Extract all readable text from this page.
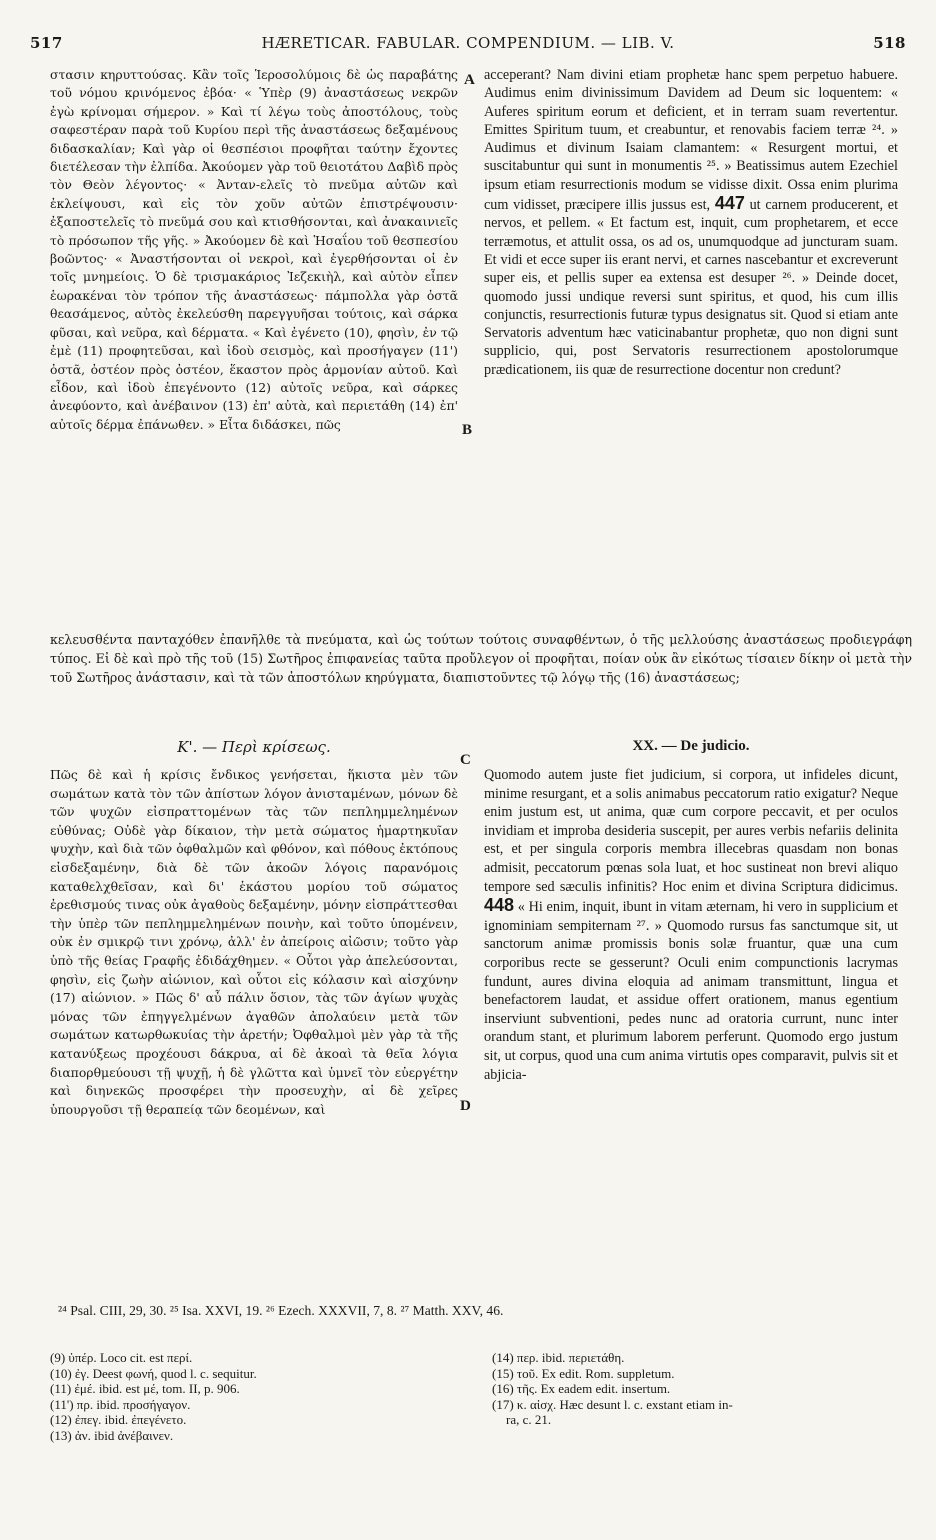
517	HÆRETICAR. FABULAR. COMPENDIUM. — LIB. V.	518

στασιν κηρυττούσας. Κἂν τοῖς Ἱεροσολύμοις δὲ ὡς παραβάτης τοῦ νόμου κρινόμενος ἐβόα· « Ὑπὲρ (9) ἀναστάσεως νεκρῶν ἐγὼ κρίνομαι σήμερον. » Καὶ τί λέγω τοὺς ἀποστόλους, τοὺς σαφεστέραν παρὰ τοῦ Κυρίου περὶ τῆς ἀναστάσεως δεξαμένους διδασκαλίαν; Καὶ γὰρ οἱ θεσπέσιοι προφῆται ταύτην ἔχοντες διετέλεσαν τὴν ἐλπίδα. Ἀκούομεν γὰρ τοῦ θειοτάτου Δαβὶδ πρὸς τὸν Θεὸν λέγοντος· « Ἀνταν-ελεῖς τὸ πνεῦμα αὐτῶν καὶ ἐκλείψουσι, καὶ εἰς τὸν χοῦν αὐτῶν ἐπιστρέψουσιν· ἐξαποστελεῖς τὸ πνεῦμά σου καὶ κτισθήσονται, καὶ ἀνακαινιεῖς τὸ πρόσωπον τῆς γῆς. » Ἀκούομεν δὲ καὶ Ἡσαΐου τοῦ θεσπεσίου βοῶντος· « Ἀναστήσονται οἱ νεκροὶ, καὶ ἐγερθήσονται οἱ ἐν τοῖς μνημείοις. Ὁ δὲ τρισμακάριος Ἰεζεκιὴλ, καὶ αὐτὸν εἶπεν ἑωρακέναι τὸν τρόπον τῆς ἀναστάσεως· πάμπολλα γὰρ ὀστᾶ θεασάμενος, αὐτὸς ἐκελεύσθη παρεγγυῆσαι τούτοις, καὶ σάρκα φῦσαι, καὶ νεῦρα, καὶ δέρματα. « Καὶ ἐγένετο (10), φησὶν, ἐν τῷ ἐμὲ (11) προφητεῦσαι, καὶ ἰδοὺ σεισμὸς, καὶ προσήγαγεν (11') ὀστᾶ, ὀστέον πρὸς ὀστέον, ἕκαστον πρὸς ἁρμονίαν αὐτοῦ. Καὶ εἶδον, καὶ ἰδοὺ ἐπεγένοντο (12) αὐτοῖς νεῦρα, καὶ σάρκες ἀνεφύοντο, καὶ ἀνέβαινον (13) ἐπ' αὐτὰ, καὶ περιετάθη (14) ἐπ' αὐτοῖς δέρμα ἐπάνωθεν. » Εἶτα διδάσκει, πῶς

acceperant? Nam divini etiam prophetæ hanc spem perpetuo habuere. Audimus enim divinissimum Davidem ad Deum sic loquentem: « Auferes spiritum eorum et deficient, et in terram suam revertentur. Emittes Spiritum tuum, et creabuntur, et renovabis faciem terræ ²⁴. » Audimus et divinum Isaiam clamantem: « Resurgent mortui, et suscitabuntur qui sunt in monumentis ²⁵. » Beatissimus autem Ezechiel ipsum etiam resurrectionis modum se vidisse dixit. Ossa enim plurima cum vidisset, præcipere illis jussus est, 447 ut carnem producerent, et nervos, et pellem. « Et factum est, inquit, cum prophetarem, et ecce terræmotus, et attulit ossa, os ad os, unumquodque ad juncturam suam. Et vidi et ecce super iis erant nervi, et carnes nascebantur et excreverunt super eis, et pellis super ea extensa est desuper ²⁶. » Deinde docet, quomodo jussi undique reversi sunt spiritus, et quod, his cum illis conjunctis, resurrectionis futuræ typus designatus sit. Quod si etiam ante Servatoris adventum hæc vaticinabantur prophetæ, quo non digni sunt supplicio, qui, post Servatoris resurrectionem apostolorumque prædicationem, iis quæ de resurrectione docentur non credunt?

A
B
C
D
κελευσθέντα πανταχόθεν ἐπανῆλθε τὰ πνεύματα, καὶ ὡς τούτων τούτοις συναφθέντων, ὁ τῆς μελλούσης ἀναστάσεως προδιεγράφη τύπος. Εἰ δὲ καὶ πρὸ τῆς τοῦ (15) Σωτῆρος ἐπιφανείας ταῦτα προὔλεγον οἱ προφῆται, ποίαν οὐκ ἂν εἰκότως τίσαιεν δίκην οἱ μετὰ τὴν τοῦ Σωτῆρος ἀνάστασιν, καὶ τὰ τῶν ἀποστόλων κηρύγματα, διαπιστοῦντες τῷ λόγῳ τῆς (16) ἀναστάσεως;
Κ'. — Περὶ κρίσεως.	XX. — De judicio.

Πῶς δὲ καὶ ἡ κρίσις ἔνδικος γενήσεται, ἥκιστα μὲν τῶν σωμάτων κατὰ τὸν τῶν ἀπίστων λόγον ἀνισταμένων, μόνων δὲ τῶν ψυχῶν εἰσπραττομένων τὰς τῶν πεπλημμελημένων εὐθύνας; Οὐδὲ γὰρ δίκαιον, τὴν μετὰ σώματος ἡμαρτηκυῖαν ψυχὴν, καὶ διὰ τῶν ὀφθαλμῶν καὶ φθόνον, καὶ πόθους ἐκτόπους εἰσδεξαμένην, διὰ δὲ τῶν ἀκοῶν λόγοις παρανόμοις καταθελχθεῖσαν, καὶ δι' ἑκάστου μορίου τοῦ σώματος ἐρεθισμούς τινας οὐκ ἀγαθοὺς δεξαμένην, μόνην εἰσπράττεσθαι τὴν ὑπὲρ τῶν πεπλημμελημένων ποινὴν, καὶ τοῦτο ὑπομένειν, οὐκ ἐν σμικρῷ τινι χρόνῳ, ἀλλ' ἐν ἀπείροις αἰῶσιν; τοῦτο γὰρ ὑπὸ τῆς θείας Γραφῆς ἐδιδάχθημεν. « Οὗτοι γὰρ ἀπελεύσονται, φησὶν, εἰς ζωὴν αἰώνιον, καὶ οὗτοι εἰς κόλασιν καὶ αἰσχύνην (17) αἰώνιον. » Πῶς δ' αὖ πάλιν ὅσιον, τὰς τῶν ἁγίων ψυχὰς μόνας τῶν ἐπηγγελμένων ἀγαθῶν ἀπολαύειν μετὰ τῶν σωμάτων κατωρθωκυίας τὴν ἀρετήν; Ὀφθαλμοὶ μὲν γὰρ τὰ τῆς κατανύξεως προχέουσι δάκρυα, αἱ δὲ ἀκοαὶ τὰ θεῖα λόγια διαπορθμεύουσι τῇ ψυχῇ, ἡ δὲ γλῶττα καὶ ὑμνεῖ τὸν εὐεργέτην καὶ διηνεκῶς προσφέρει τὴν προσευχὴν, αἱ δὲ χεῖρες ὑπουργοῦσι τῇ θεραπείᾳ τῶν δεομένων, καὶ

Quomodo autem juste fiet judicium, si corpora, ut infideles dicunt, minime resurgant, et a solis animabus peccatorum ratio exigatur? Neque enim justum est, ut anima, quæ cum corpore peccavit, et per oculos invidiam et improba desideria suscepit, per aures verbis nefariis delinita est, et per singula corporis membra illecebras quasdam non bonas admisit, peccatorum pœnas sola luat, et hoc sustineat non brevi aliquo tempore sed sæculis infinitis? Hoc enim et divina Scriptura didicimus. 448 « Hi enim, inquit, ibunt in vitam æternam, hi vero in supplicium et ignominiam sempiternam ²⁷. » Quomodo rursus fas sanctumque sit, ut sanctorum animæ promissis bonis solæ fruantur, quæ una cum corporibus recte se gesserunt? Oculi enim compunctionis lacrymas fundunt, aures divina eloquia ad animam transmittunt, lingua et benefactorem laudat, et assidue offert orationem, manus egentium inserviunt subventioni, pedes nunc ad oratoria currunt, nunc inter orandum stant, et plurimum laborem perferunt. Quomodo ergo justum sit, ut corpus, quod una cum anima virtutis opes comparavit, pulvis sit et abjicia-

²⁴ Psal. CIII, 29, 30. ²⁵ Isa. XXVI, 19. ²⁶ Ezech. XXXVII, 7, 8. ²⁷ Matth. XXV, 46.
(9) ὑπέρ. Loco cit. est περί.
(10) ἐγ. Deest φωνή, quod l. c. sequitur.
(11) ἐμέ. ibid. est μέ, tom. II, p. 906.
(11') πρ. ibid. προσήγαγον.
(12) ἐπεγ. ibid. ἐπεγένετο.
(13) ἀν. ibid ἀνέβαινεν.
(14) περ. ibid. περιετάθη.
(15) τοῦ. Ex edit. Rom. suppletum.
(16) τῆς. Ex eadem edit. insertum.
(17) κ. αἰσχ. Hæc desunt l. c. exstant etiam in-
ra, c. 21.
